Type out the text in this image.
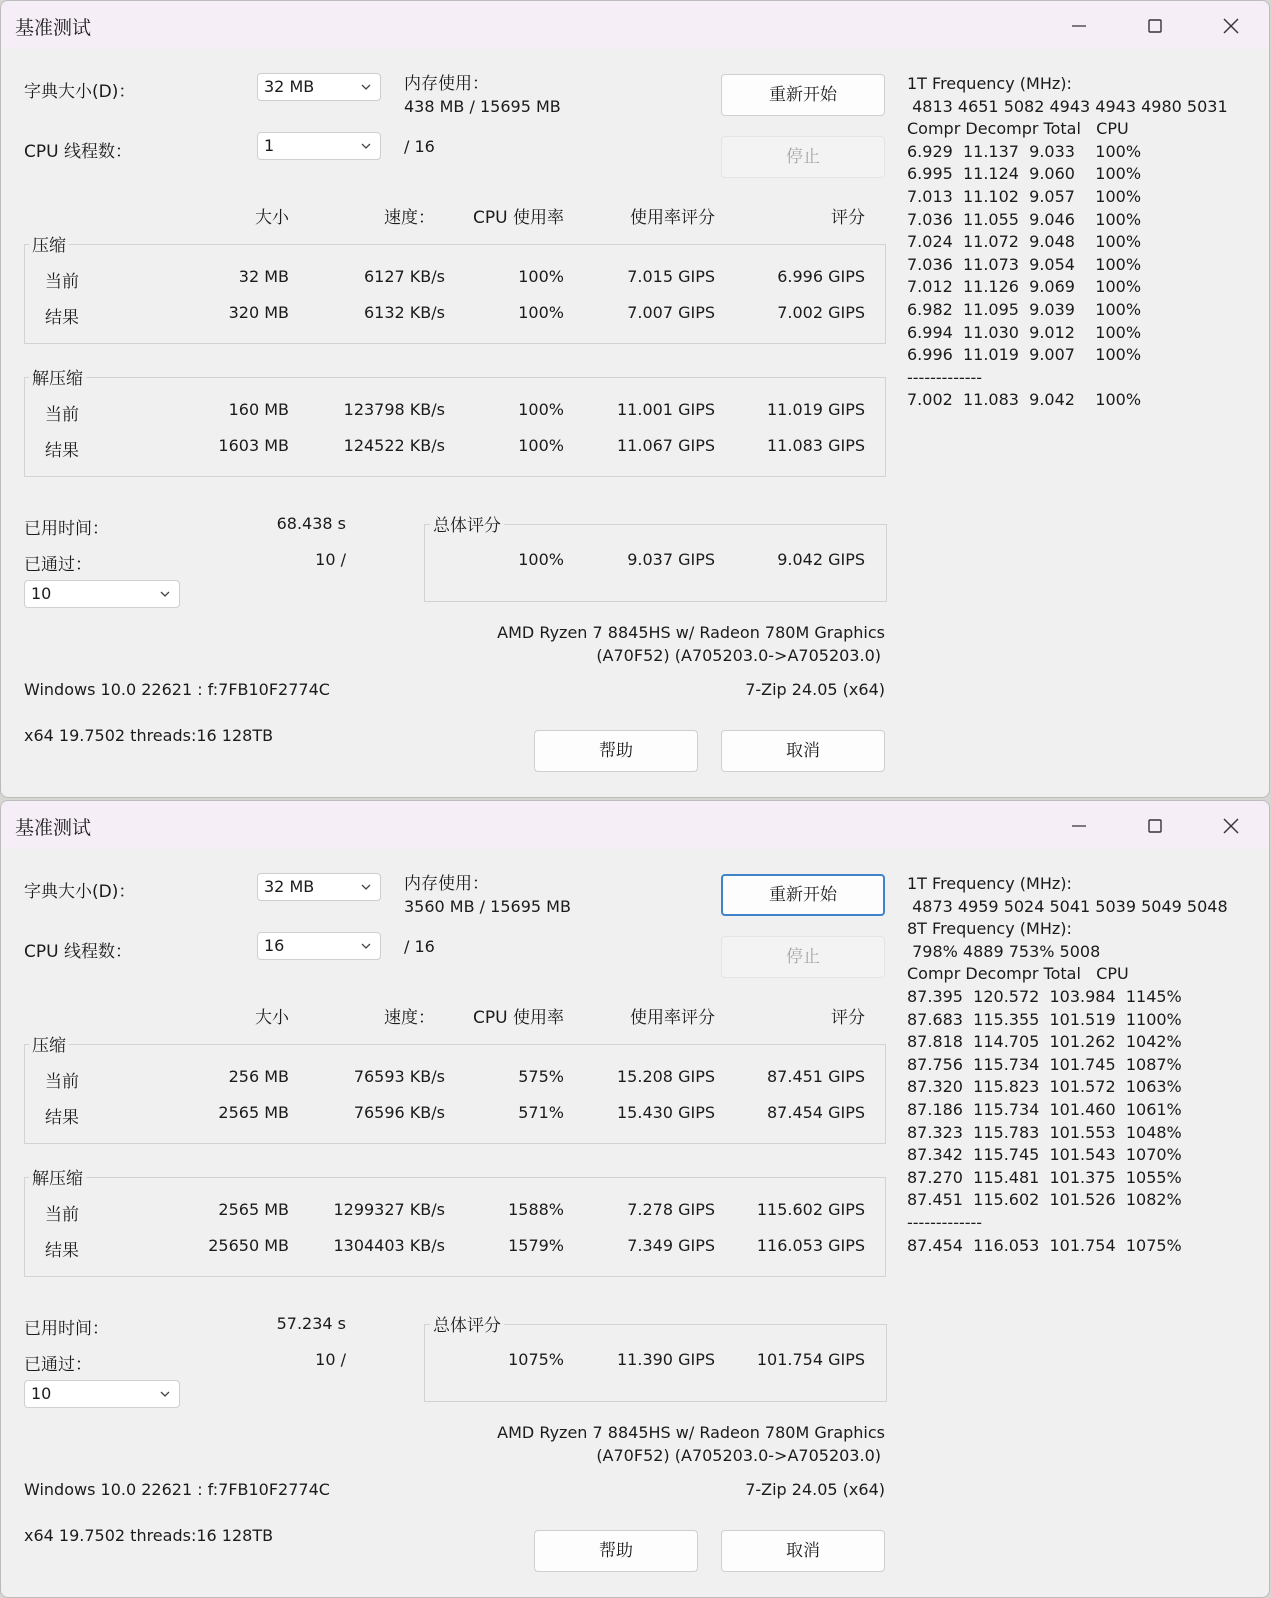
基准测试
字典大小(D)：	32 MB	内存使用：
438 MB / 15695 MB
CPU 线程数：	1	/ 16
重新开始
停止
大小	速度：	CPU 使用率	使用率评分	评分
压缩
当前	32 MB	6127 KB/s	100%	7.015 GIPS	6.996 GIPS
结果	320 MB	6132 KB/s	100%	7.007 GIPS	7.002 GIPS
解压缩
当前	160 MB	123798 KB/s	100%	11.001 GIPS	11.019 GIPS
结果	1603 MB	124522 KB/s	100%	11.067 GIPS	11.083 GIPS
已用时间：	68.438 s
已通过：	10 /
10
总体评分
100%	9.037 GIPS	9.042 GIPS
AMD Ryzen 7 8845HS w/ Radeon 780M Graphics
(A70F52) (A705203.0->A705203.0)
Windows 10.0 22621 : f:7FB10F2774C	7-Zip 24.05 (x64)
x64 19.7502 threads:16 128TB
帮助	取消
1T Frequency (MHz):
4813 4651 5082 4943 4943 4980 5031
Compr Decompr Total   CPU
6.929  11.137  9.033    100%
6.995  11.124  9.060    100%
7.013  11.102  9.057    100%
7.036  11.055  9.046    100%
7.024  11.072  9.048    100%
7.036  11.073  9.054    100%
7.012  11.126  9.069    100%
6.982  11.095  9.039    100%
6.994  11.030  9.012    100%
6.996  11.019  9.007    100%
-------------
7.002  11.083  9.042    100%
基准测试
字典大小(D)：	32 MB	内存使用：
3560 MB / 15695 MB
CPU 线程数：	16	/ 16
重新开始
停止
大小	速度：	CPU 使用率	使用率评分	评分
压缩
当前	256 MB	76593 KB/s	575%	15.208 GIPS	87.451 GIPS
结果	2565 MB	76596 KB/s	571%	15.430 GIPS	87.454 GIPS
解压缩
当前	2565 MB	1299327 KB/s	1588%	7.278 GIPS	115.602 GIPS
结果	25650 MB	1304403 KB/s	1579%	7.349 GIPS	116.053 GIPS
已用时间：	57.234 s
已通过：	10 /
10
总体评分
1075%	11.390 GIPS	101.754 GIPS
AMD Ryzen 7 8845HS w/ Radeon 780M Graphics
(A70F52) (A705203.0->A705203.0)
Windows 10.0 22621 : f:7FB10F2774C	7-Zip 24.05 (x64)
x64 19.7502 threads:16 128TB
帮助	取消
1T Frequency (MHz):
4873 4959 5024 5041 5039 5049 5048
8T Frequency (MHz):
798% 4889 753% 5008
Compr Decompr Total   CPU
87.395  120.572  103.984  1145%
87.683  115.355  101.519  1100%
87.818  114.705  101.262  1042%
87.756  115.734  101.745  1087%
87.320  115.823  101.572  1063%
87.186  115.734  101.460  1061%
87.323  115.783  101.553  1048%
87.342  115.745  101.543  1070%
87.270  115.481  101.375  1055%
87.451  115.602  101.526  1082%
-------------
87.454  116.053  101.754  1075%
